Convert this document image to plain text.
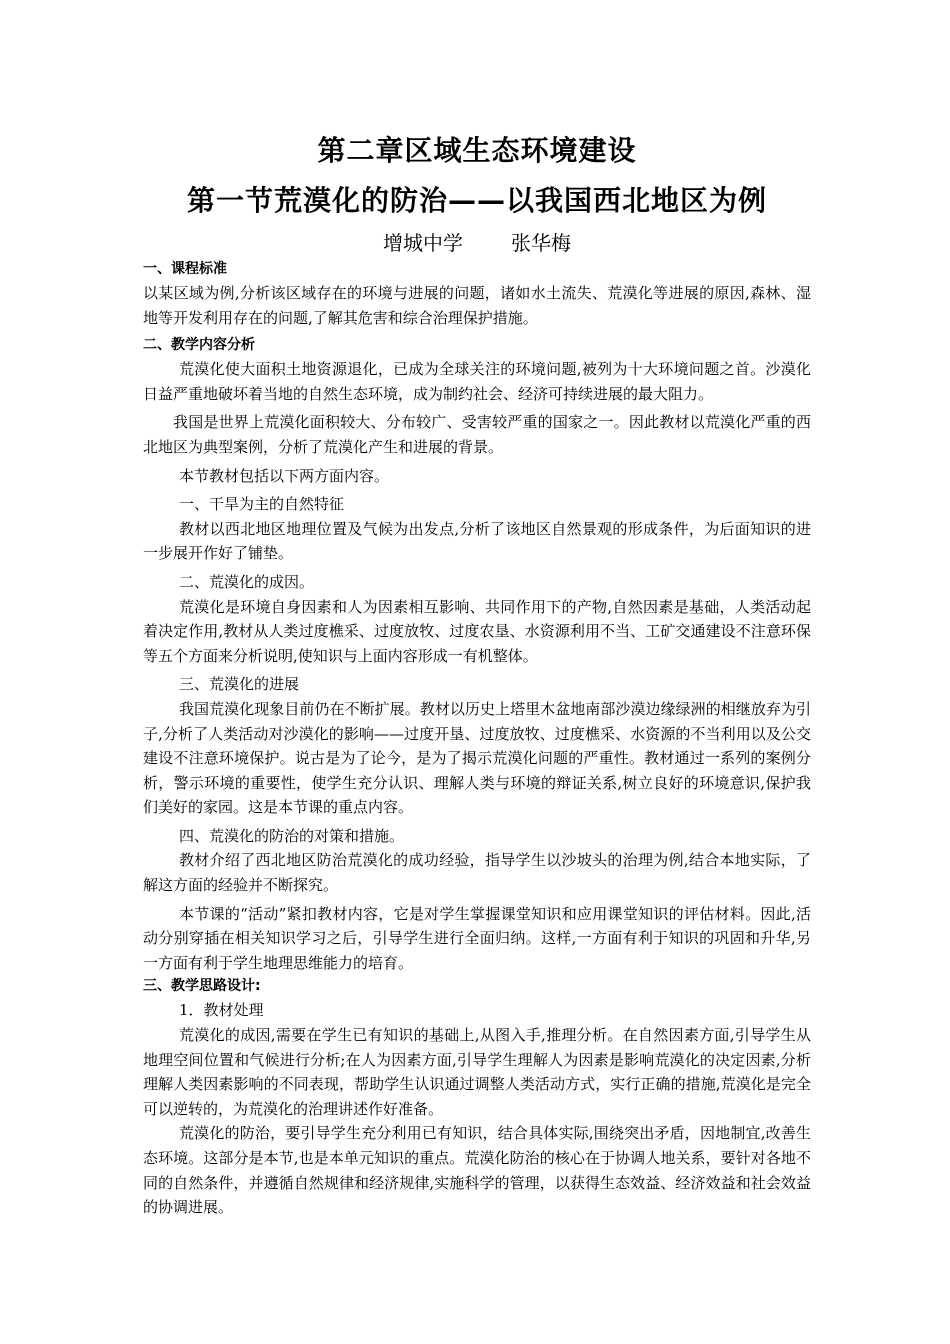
第二章区域生态环境建设
第一节荒漠化的防治——以我国西北地区为例
增城中学 张华梅
一、课程标准

以某区域为例,分析该区域存在的环境与进展的问题，诸如水土流失、荒漠化等进展的原因,森林、湿地等开发利用存在的问题,了解其危害和综合治理保护措施。

二、教学内容分析

荒漠化使大面积土地资源退化，已成为全球关注的环境问题,被列为十大环境问题之首。沙漠化日益严重地破坏着当地的自然生态环境，成为制约社会、经济可持续进展的最大阻力。

我国是世界上荒漠化面积较大、分布较广、受害较严重的国家之一。因此教材以荒漠化严重的西北地区为典型案例，分析了荒漠化产生和进展的背景。

本节教材包括以下两方面内容。

一、干旱为主的自然特征

教材以西北地区地理位置及气候为出发点,分析了该地区自然景观的形成条件，为后面知识的进一步展开作好了铺垫。

二、荒漠化的成因。

荒漠化是环境自身因素和人为因素相互影响、共同作用下的产物,自然因素是基础，人类活动起着决定作用,教材从人类过度樵采、过度放牧、过度农垦、水资源利用不当、工矿交通建设不注意环保等五个方面来分析说明,使知识与上面内容形成一有机整体。

三、荒漠化的进展

我国荒漠化现象目前仍在不断扩展。教材以历史上塔里木盆地南部沙漠边缘绿洲的相继放弃为引子,分析了人类活动对沙漠化的影响——过度开垦、过度放牧、过度樵采、水资源的不当利用以及公交建设不注意环境保护。说古是为了论今，是为了揭示荒漠化问题的严重性。教材通过一系列的案例分析，警示环境的重要性，使学生充分认识、理解人类与环境的辩证关系,树立良好的环境意识,保护我们美好的家园。这是本节课的重点内容。

四、荒漠化的防治的对策和措施。

教材介绍了西北地区防治荒漠化的成功经验，指导学生以沙坡头的治理为例,结合本地实际，了解这方面的经验并不断探究。

本节课的“活动”紧扣教材内容，它是对学生掌握课堂知识和应用课堂知识的评估材料。因此,活动分别穿插在相关知识学习之后，引导学生进行全面归纳。这样,一方面有利于知识的巩固和升华,另一方面有利于学生地理思维能力的培育。

三、教学思路设计:

1．教材处理

荒漠化的成因,需要在学生已有知识的基础上,从图入手,推理分析。在自然因素方面,引导学生从地理空间位置和气候进行分析;在人为因素方面,引导学生理解人为因素是影响荒漠化的决定因素,分析理解人类因素影响的不同表现，帮助学生认识通过调整人类活动方式，实行正确的措施,荒漠化是完全可以逆转的，为荒漠化的治理讲述作好准备。

荒漠化的防治，要引导学生充分利用已有知识，结合具体实际,围绕突出矛盾，因地制宜,改善生态环境。这部分是本节,也是本单元知识的重点。荒漠化防治的核心在于协调人地关系，要针对各地不同的自然条件，并遵循自然规律和经济规律,实施科学的管理，以获得生态效益、经济效益和社会效益的协调进展。
